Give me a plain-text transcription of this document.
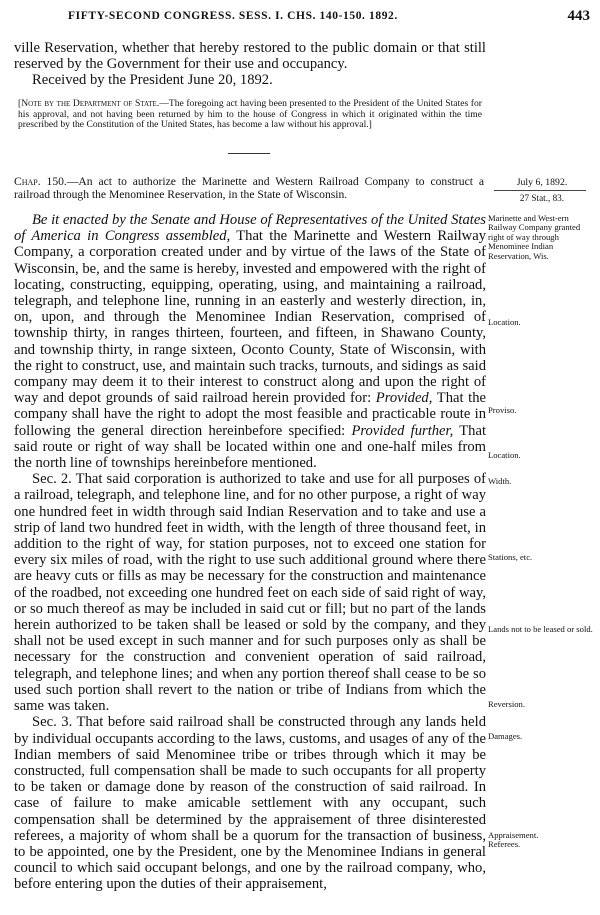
FIFTY-SECOND CONGRESS. SESS. I. CHS. 140-150. 1892.	443

ville Reservation, whether that hereby restored to the public domain or that still reserved by the Government for their use and occupancy.

Received by the President June 20, 1892.

[Note by the Department of State.—The foregoing act having been presented to the President of the United States for his approval, and not having been returned by him to the house of Congress in which it originated within the time prescribed by the Constitution of the United States, has become a law without his approval.]
Chap. 150.—An act to authorize the Marinette and Western Railroad Company to construct a railroad through the Menominee Reservation, in the State of Wisconsin.
July 6, 1892.
27 Stat., 83.

Be it enacted by the Senate and House of Representatives of the United States of America in Congress assembled, That the Marinette and Western Railway Company, a corporation created under and by virtue of the laws of the State of Wisconsin, be, and the same is hereby, invested and empowered with the right of locating, constructing, equipping, operating, using, and maintaining a railroad, telegraph, and telephone line, running in an easterly and westerly direction, in, on, upon, and through the Menominee Indian Reservation, comprised of township thirty, in ranges thirteen, fourteen, and fifteen, in Shawano County, and township thirty, in range sixteen, Oconto County, State of Wisconsin, with the right to construct, use, and maintain such tracks, turnouts, and sidings as said company may deem it to their interest to construct along and upon the right of way and depot grounds of said railroad herein provided for: Provided, That the company shall have the right to adopt the most feasible and practicable route in following the general direction hereinbefore specified: Provided further, That said route or right of way shall be located within one and one-half miles from the north line of townships hereinbefore mentioned.

Sec. 2. That said corporation is authorized to take and use for all purposes of a railroad, telegraph, and telephone line, and for no other purpose, a right of way one hundred feet in width through said Indian Reservation and to take and use a strip of land two hundred feet in width, with the length of three thousand feet, in addition to the right of way, for station purposes, not to exceed one station for every six miles of road, with the right to use such additional ground where there are heavy cuts or fills as may be necessary for the construction and maintenance of the roadbed, not exceeding one hundred feet on each side of said right of way, or so much thereof as may be included in said cut or fill; but no part of the lands herein authorized to be taken shall be leased or sold by the company, and they shall not be used except in such manner and for such purposes only as shall be necessary for the construction and convenient operation of said railroad, telegraph, and telephone lines; and when any portion thereof shall cease to be so used such portion shall revert to the nation or tribe of Indians from which the same was taken.

Sec. 3. That before said railroad shall be constructed through any lands held by individual occupants according to the laws, customs, and usages of any of the Indian members of said Menominee tribe or tribes through which it may be constructed, full compensation shall be made to such occupants for all property to be taken or damage done by reason of the construction of said railroad. In case of failure to make amicable settlement with any occupant, such compensation shall be determined by the appraisement of three disinterested referees, a majority of whom shall be a quorum for the transaction of business, to be appointed, one by the President, one by the Menominee Indians in general council to which said occupant belongs, and one by the railroad company, who, before entering upon the duties of their appraisement,

Marinette and West-ern Railway Company granted right of way through Menominee Indian Reservation, Wis.
Location.
Proviso.
Location.
Width.
Stations, etc.
Lands not to be leased or sold.
Reversion.
Damages.
Appraisement.
Referees.
